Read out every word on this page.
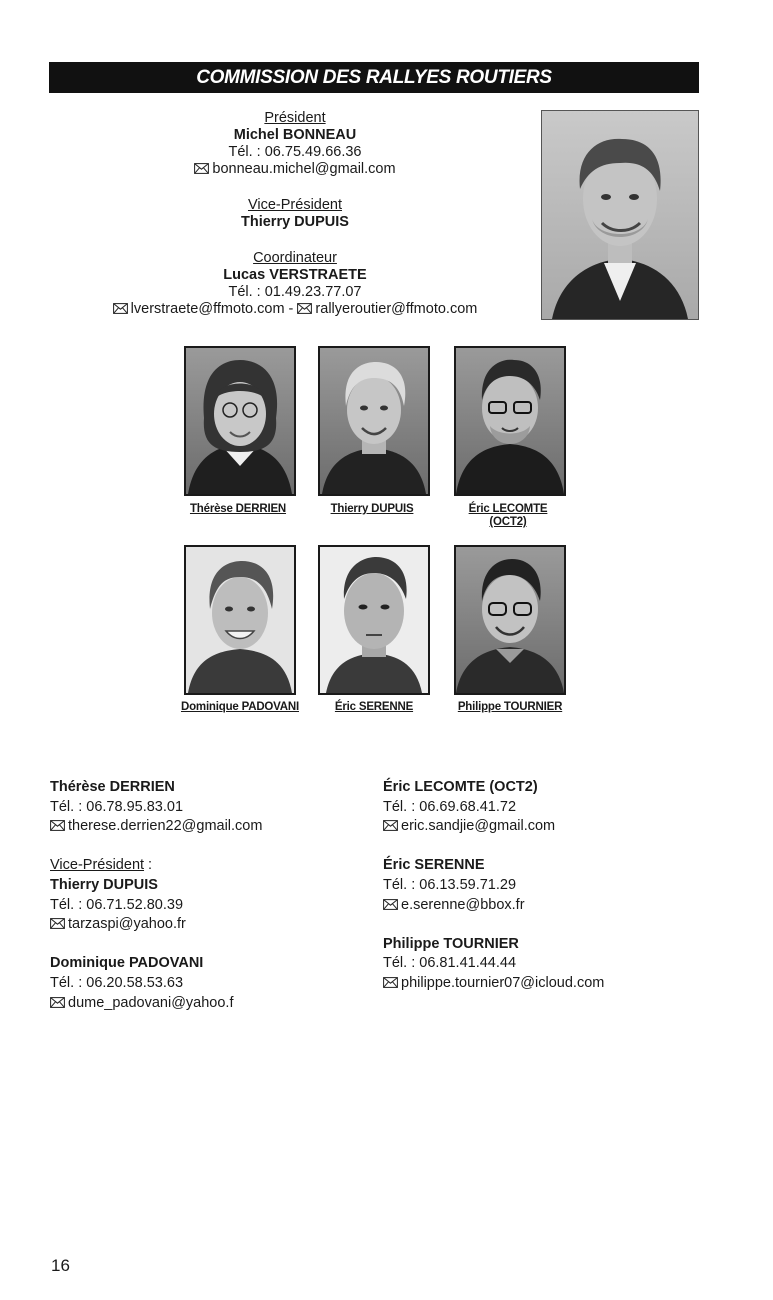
COMMISSION DES RALLYES ROUTIERS
Président
Michel BONNEAU
Tél. : 06.75.49.66.36
bonneau.michel@gmail.com
Vice-Président
Thierry DUPUIS
Coordinateur
Lucas VERSTRAETE
Tél. : 01.49.23.77.07
lverstraete@ffmoto.com - rallyeroutier@ffmoto.com
Thérèse DERRIEN	Thierry DUPUIS	Éric LECOMTE
(OCT2)
Dominique PADOVANI	Éric SERENNE	Philippe TOURNIER
Thérèse DERRIEN
Tél. : 06.78.95.83.01
therese.derrien22@gmail.com
Vice-Président :
Thierry DUPUIS
Tél. : 06.71.52.80.39
tarzaspi@yahoo.fr
Dominique PADOVANI
Tél. : 06.20.58.53.63
dume_padovani@yahoo.f
Éric LECOMTE (OCT2)
Tél. : 06.69.68.41.72
eric.sandjie@gmail.com
Éric SERENNE
Tél. : 06.13.59.71.29
e.serenne@bbox.fr
Philippe TOURNIER
Tél. : 06.81.41.44.44
philippe.tournier07@icloud.com
16
